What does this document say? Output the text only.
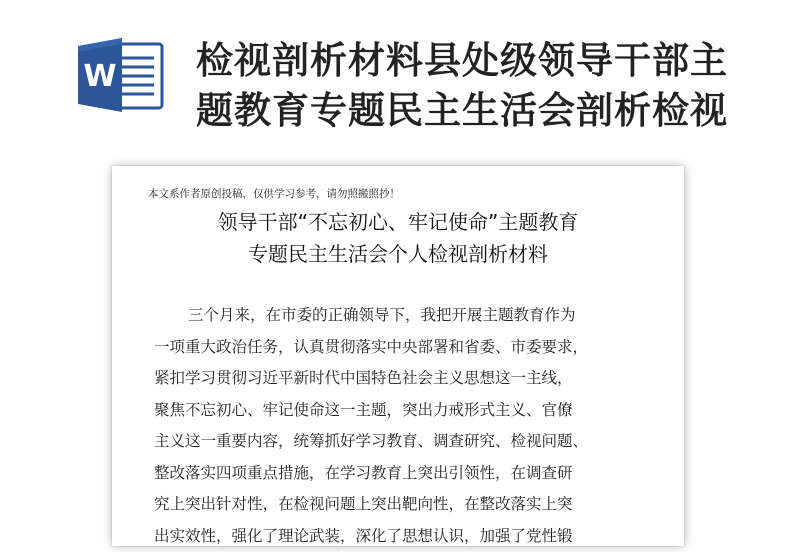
W 检视剖析材料县处级领导干部主
题教育专题民主生活会剖析检视
本文系作者原创投稿，仅供学习参考，请勿照搬照抄！
领导干部“不忘初心、牢记使命”主题教育
专题民主生活会个人检视剖析材料
三个月来，在市委的正确领导下，我把开展主题教育作为
一项重大政治任务，认真贯彻落实中央部署和省委、市委要求，
紧扣学习贯彻习近平新时代中国特色社会主义思想这一主线，
聚焦不忘初心、牢记使命这一主题，突出力戒形式主义、官僚
主义这一重要内容，统筹抓好学习教育、调查研究、检视问题、
整改落实四项重点措施，在学习教育上突出引领性，在调查研
究上突出针对性，在检视问题上突出靶向性，在整改落实上突
出实效性，强化了理论武装，深化了思想认识，加强了党性锻
